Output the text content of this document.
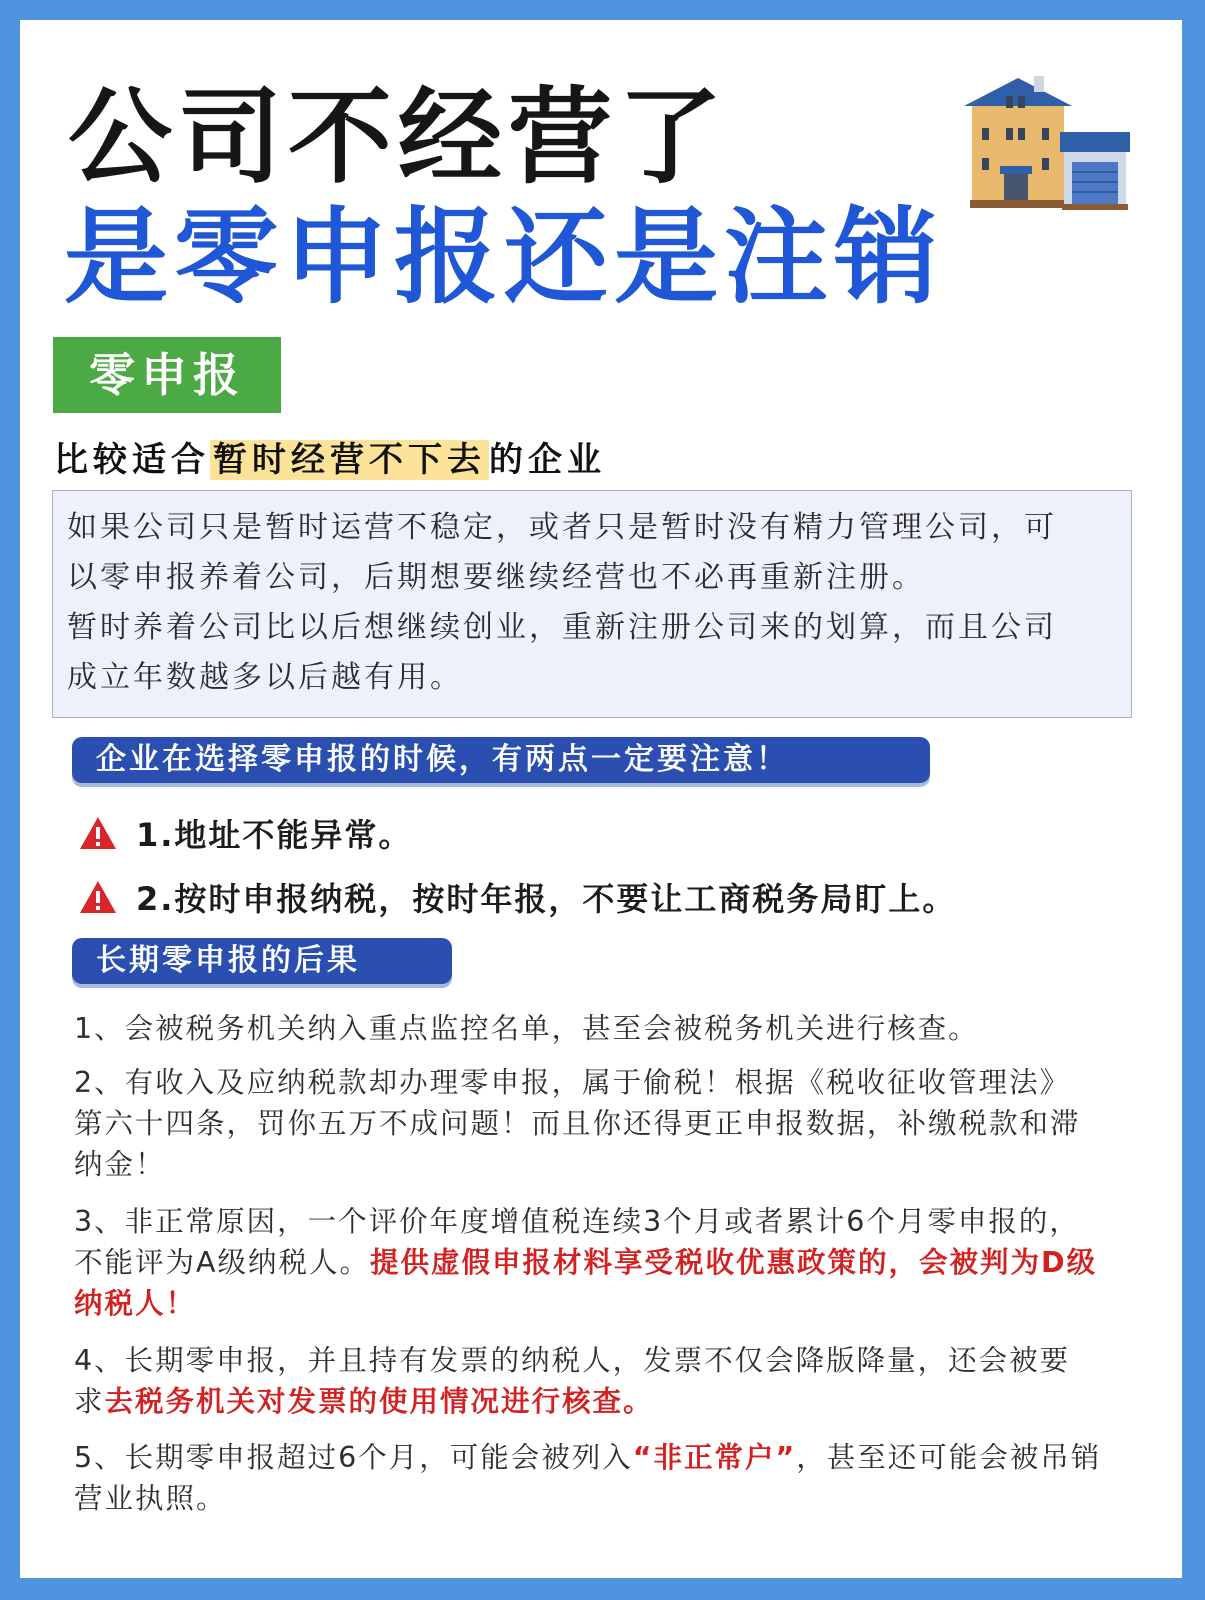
公司不经营了
是零申报还是注销
零申报
比较适合暂时经营不下去的企业

如果公司只是暂时运营不稳定，或者只是暂时没有精力管理公司，可

以零申报养着公司，后期想要继续经营也不必再重新注册。

暂时养着公司比以后想继续创业，重新注册公司来的划算，而且公司

成立年数越多以后越有用。

企业在选择零申报的时候，有两点一定要注意！
1.地址不能异常。
2.按时申报纳税，按时年报，不要让工商税务局盯上。
长期零申报的后果
1、会被税务机关纳入重点监控名单，甚至会被税务机关进行核查。
2、有收入及应纳税款却办理零申报，属于偷税！根据《税收征收管理法》
第六十四条，罚你五万不成问题！而且你还得更正申报数据，补缴税款和滞
纳金！
3、非正常原因，一个评价年度增值税连续3个月或者累计6个月零申报的，
不能评为A级纳税人。提供虚假申报材料享受税收优惠政策的，会被判为D级
纳税人！
4、长期零申报，并且持有发票的纳税人，发票不仅会降版降量，还会被要
求去税务机关对发票的使用情况进行核查。
5、长期零申报超过6个月，可能会被列入“非正常户”，甚至还可能会被吊销
营业执照。
